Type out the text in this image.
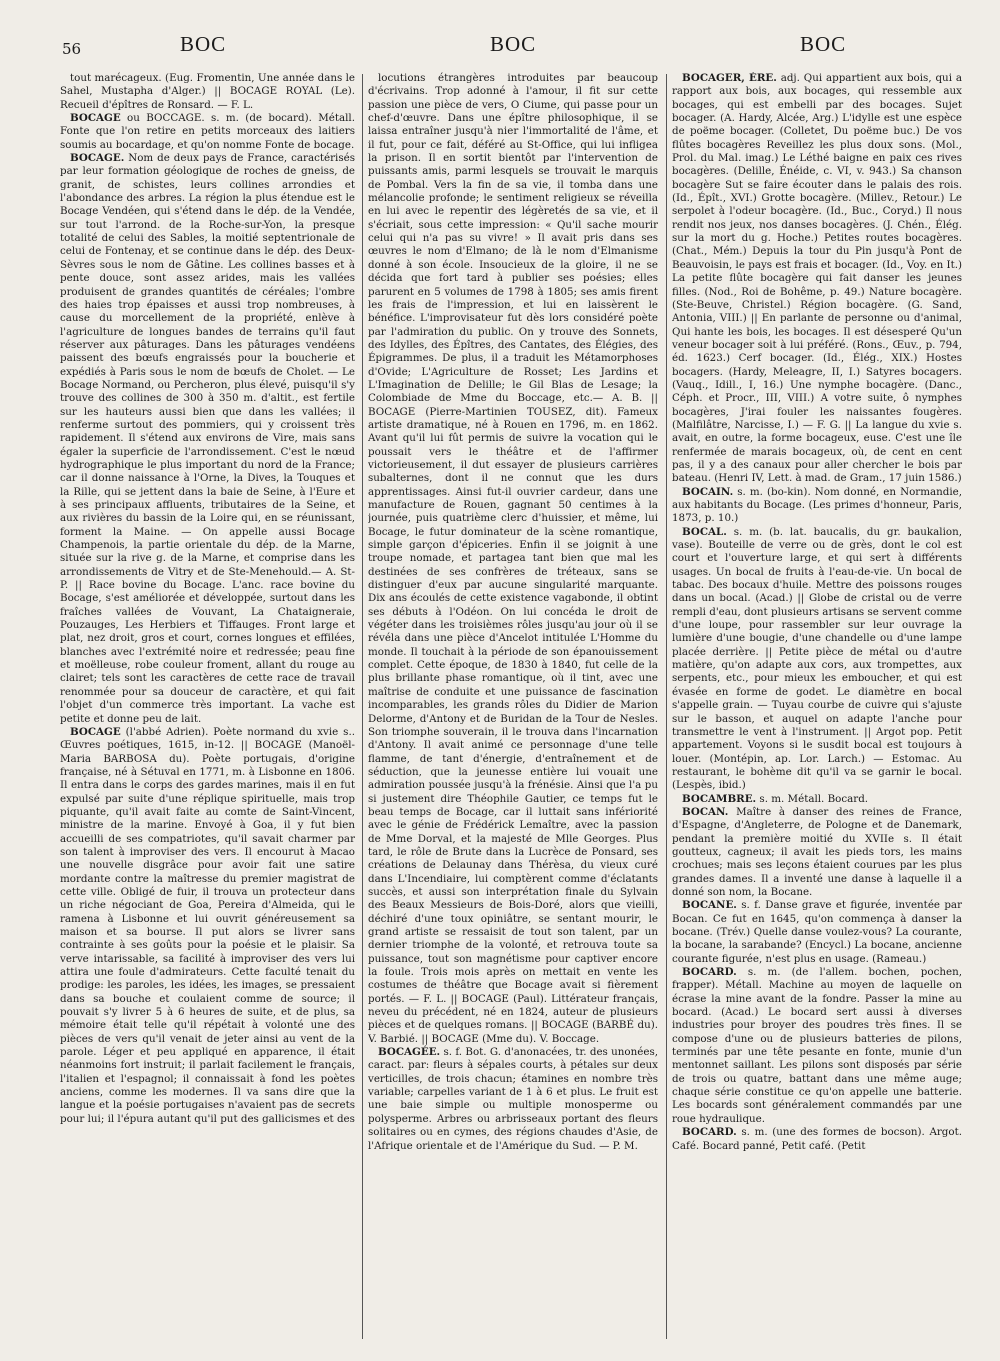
56	BOC	BOC	BOC

tout marécageux. (Eug. Fromentin, Une année dans le Sahel, Mustapha d'Alger.) || BOCAGE ROYAL (Le). Recueil d'épîtres de Ronsard. — F. L.

BOCAGE ou BOCCAGE. s. m. (de bocard). Métall. Fonte que l'on retire en petits morceaux des laitiers soumis au bocardage, et qu'on nomme Fonte de bocage.

BOCAGE. Nom de deux pays de France, caractérisés par leur formation géologique de roches de gneiss, de granit, de schistes, leurs collines arrondies et l'abondance des arbres. La région la plus étendue est le Bocage Vendéen, qui s'étend dans le dép. de la Vendée, sur tout l'arrond. de la Roche-sur-Yon, la presque totalité de celui des Sables, la moitié septentrionale de celui de Fontenay, et se continue dans le dép. des Deux-Sèvres sous le nom de Gâtine. Les collines basses et à pente douce, sont assez arides, mais les vallées produisent de grandes quantités de céréales; l'ombre des haies trop épaisses et aussi trop nombreuses, à cause du morcellement de la propriété, enlève à l'agriculture de longues bandes de terrains qu'il faut réserver aux pâturages. Dans les pâturages vendéens paissent des bœufs engraissés pour la boucherie et expédiés à Paris sous le nom de bœufs de Cholet. — Le Bocage Normand, ou Percheron, plus élevé, puisqu'il s'y trouve des collines de 300 à 350 m. d'altit., est fertile sur les hauteurs aussi bien que dans les vallées; il renferme surtout des pommiers, qui y croissent très rapidement. Il s'étend aux environs de Vire, mais sans égaler la superficie de l'arrondissement. C'est le nœud hydrographique le plus important du nord de la France; car il donne naissance à l'Orne, la Dives, la Touques et la Rille, qui se jettent dans la baie de Seine, à l'Eure et à ses principaux affluents, tributaires de la Seine, et aux rivières du bassin de la Loire qui, en se réunissant, forment la Maine. — On appelle aussi Bocage Champenois, la partie orientale du dép. de la Marne, située sur la rive g. de la Marne, et comprise dans les arrondissements de Vitry et de Ste-Menehould.— A. St-P. || Race bovine du Bocage. L'anc. race bovine du Bocage, s'est améliorée et développée, surtout dans les fraîches vallées de Vouvant, La Chataigneraie, Pouzauges, Les Herbiers et Tiffauges. Front large et plat, nez droit, gros et court, cornes longues et effilées, blanches avec l'extrémité noire et redressée; peau fine et moëlleuse, robe couleur froment, allant du rouge au clairet; tels sont les caractères de cette race de travail renommée pour sa douceur de caractère, et qui fait l'objet d'un commerce très important. La vache est petite et donne peu de lait.

BOCAGE (l'abbé Adrien). Poète normand du xvie s.. Œuvres poétiques, 1615, in-12. || BOCAGE (Manoël-Maria BARBOSA du). Poète portugais, d'origine française, né à Sétuval en 1771, m. à Lisbonne en 1806. Il entra dans le corps des gardes marines, mais il en fut expulsé par suite d'une réplique spirituelle, mais trop piquante, qu'il avait faite au comte de Saint-Vincent, ministre de la marine. Envoyé à Goa, il y fut bien accueilli de ses compatriotes, qu'il savait charmer par son talent à improviser des vers. Il encourut à Macao une nouvelle disgrâce pour avoir fait une satire mordante contre la maîtresse du premier magistrat de cette ville. Obligé de fuir, il trouva un protecteur dans un riche négociant de Goa, Pereira d'Almeida, qui le ramena à Lisbonne et lui ouvrit généreusement sa maison et sa bourse. Il put alors se livrer sans contrainte à ses goûts pour la poésie et le plaisir. Sa verve intarissable, sa facilité à improviser des vers lui attira une foule d'admirateurs. Cette faculté tenait du prodige: les paroles, les idées, les images, se pressaient dans sa bouche et coulaient comme de source; il pouvait s'y livrer 5 à 6 heures de suite, et de plus, sa mémoire était telle qu'il répétait à volonté une des pièces de vers qu'il venait de jeter ainsi au vent de la parole. Léger et peu appliqué en apparence, il était néanmoins fort instruit; il parlait facilement le français, l'italien et l'espagnol; il connaissait à fond les poètes anciens, comme les modernes. Il va sans dire que la langue et la poésie portugaises n'avaient pas de secrets pour lui; il l'épura autant qu'il put des gallicismes et des

locutions étrangères introduites par beaucoup d'écrivains. Trop adonné à l'amour, il fit sur cette passion une pièce de vers, O Ciume, qui passe pour un chef-d'œuvre. Dans une épître philosophique, il se laissa entraîner jusqu'à nier l'immortalité de l'âme, et il fut, pour ce fait, déféré au St-Office, qui lui infligea la prison. Il en sortit bientôt par l'intervention de puissants amis, parmi lesquels se trouvait le marquis de Pombal. Vers la fin de sa vie, il tomba dans une mélancolie profonde; le sentiment religieux se réveilla en lui avec le repentir des légèretés de sa vie, et il s'écriait, sous cette impression: « Qu'il sache mourir celui qui n'a pas su vivre! » Il avait pris dans ses œuvres le nom d'Elmano; de là le nom d'Elmanisme donné à son école. Insoucieux de la gloire, il ne se décida que fort tard à publier ses poésies; elles parurent en 5 volumes de 1798 à 1805; ses amis firent les frais de l'impression, et lui en laissèrent le bénéfice. L'improvisateur fut dès lors considéré poète par l'admiration du public. On y trouve des Sonnets, des Idylles, des Épîtres, des Cantates, des Élégies, des Épigrammes. De plus, il a traduit les Métamorphoses d'Ovide; L'Agriculture de Rosset; Les Jardins et L'Imagination de Delille; le Gil Blas de Lesage; la Colombiade de Mme du Boccage, etc.— A. B. || BOCAGE (Pierre-Martinien TOUSEZ, dit). Fameux artiste dramatique, né à Rouen en 1796, m. en 1862. Avant qu'il lui fût permis de suivre la vocation qui le poussait vers le théâtre et de l'affirmer victorieusement, il dut essayer de plusieurs carrières subalternes, dont il ne connut que les durs apprentissages. Ainsi fut-il ouvrier cardeur, dans une manufacture de Rouen, gagnant 50 centimes à la journée, puis quatrième clerc d'huissier, et même, lui Bocage, le futur dominateur de la scène romantique, simple garçon d'épiceries. Enfin il se joignit à une troupe nomade, et partagea tant bien que mal les destinées de ses confrères de tréteaux, sans se distinguer d'eux par aucune singularité marquante. Dix ans écoulés de cette existence vagabonde, il obtint ses débuts à l'Odéon. On lui concéda le droit de végéter dans les troisièmes rôles jusqu'au jour où il se révéla dans une pièce d'Ancelot intitulée L'Homme du monde. Il touchait à la période de son épanouissement complet. Cette époque, de 1830 à 1840, fut celle de la plus brillante phase romantique, où il tint, avec une maîtrise de conduite et une puissance de fascination incomparables, les grands rôles du Didier de Marion Delorme, d'Antony et de Buridan de la Tour de Nesles. Son triomphe souverain, il le trouva dans l'incarnation d'Antony. Il avait animé ce personnage d'une telle flamme, de tant d'énergie, d'entraînement et de séduction, que la jeunesse entière lui vouait une admiration poussée jusqu'à la frénésie. Ainsi que l'a pu si justement dire Théophile Gautier, ce temps fut le beau temps de Bocage, car il luttait sans infériorité avec le génie de Frédérick Lemaître, avec la passion de Mme Dorval, et la majesté de Mlle Georges. Plus tard, le rôle de Brute dans la Lucrèce de Ponsard, ses créations de Delaunay dans Thérèsa, du vieux curé dans L'Incendiaire, lui comptèrent comme d'éclatants succès, et aussi son interprétation finale du Sylvain des Beaux Messieurs de Bois-Doré, alors que vieilli, déchiré d'une toux opiniâtre, se sentant mourir, le grand artiste se ressaisit de tout son talent, par un dernier triomphe de la volonté, et retrouva toute sa puissance, tout son magnétisme pour captiver encore la foule. Trois mois après on mettait en vente les costumes de théâtre que Bocage avait si fièrement portés. — F. L. || BOCAGE (Paul). Littérateur français, neveu du précédent, né en 1824, auteur de plusieurs pièces et de quelques romans. || BOCAGE (BARBÉ du). V. Barbié. || BOCAGE (Mme du). V. Boccage.

BOCAGÉE. s. f. Bot. G. d'anonacées, tr. des unonées, caract. par: fleurs à sépales courts, à pétales sur deux verticilles, de trois chacun; étamines en nombre très variable; carpelles variant de 1 à 6 et plus. Le fruit est une baie simple ou multiple monosperme ou polysperme. Arbres ou arbrisseaux portant des fleurs solitaires ou en cymes, des régions chaudes d'Asie, de l'Afrique orientale et de l'Amérique du Sud. — P. M.

BOCAGER, ÈRE. adj. Qui appartient aux bois, qui a rapport aux bois, aux bocages, qui ressemble aux bocages, qui est embelli par des bocages. Sujet bocager. (A. Hardy, Alcée, Arg.) L'idylle est une espèce de poëme bocager. (Colletet, Du poëme buc.) De vos flûtes bocagères Reveillez les plus doux sons. (Mol., Prol. du Mal. imag.) Le Léthé baigne en paix ces rives bocagères. (Delille, Énéide, c. VI, v. 943.) Sa chanson bocagère Sut se faire écouter dans le palais des rois. (Id., Épît., XVI.) Grotte bocagère. (Millev., Retour.) Le serpolet à l'odeur bocagère. (Id., Buc., Coryd.) Il nous rendit nos jeux, nos danses bocagères. (J. Chén., Élég. sur la mort du g. Hoche.) Petites routes bocagères. (Chat., Mém.) Depuis la tour du Pin jusqu'à Pont de Beauvoisin, le pays est frais et bocager. (Id., Voy. en It.) La petite flûte bocagère qui fait danser les jeunes filles. (Nod., Roi de Bohême, p. 49.) Nature bocagère. (Ste-Beuve, Christel.) Région bocagère. (G. Sand, Antonia, VIII.) || En parlante de personne ou d'animal, Qui hante les bois, les bocages. Il est désesperé Qu'un veneur bocager soit à lui préféré. (Rons., Œuv., p. 794, éd. 1623.) Cerf bocager. (Id., Élég., XIX.) Hostes bocagers. (Hardy, Meleagre, II, I.) Satyres bocagers. (Vauq., Idill., I, 16.) Une nymphe bocagère. (Danc., Céph. et Procr., III, VIII.) A votre suite, ô nymphes bocagères, J'irai fouler les naissantes fougères. (Malfilâtre, Narcisse, I.) — F. G. || La langue du xvie s. avait, en outre, la forme bocageux, euse. C'est une île renfermée de marais bocageux, où, de cent en cent pas, il y a des canaux pour aller chercher le bois par bateau. (Henri IV, Lett. à mad. de Gram., 17 juin 1586.)

BOCAIN. s. m. (bo-kin). Nom donné, en Normandie, aux habitants du Bocage. (Les primes d'honneur, Paris, 1873, p. 10.)

BOCAL. s. m. (b. lat. baucalis, du gr. baukalion, vase). Bouteille de verre ou de grès, dont le col est court et l'ouverture large, et qui sert à différents usages. Un bocal de fruits à l'eau-de-vie. Un bocal de tabac. Des bocaux d'huile. Mettre des poissons rouges dans un bocal. (Acad.) || Globe de cristal ou de verre rempli d'eau, dont plusieurs artisans se servent comme d'une loupe, pour rassembler sur leur ouvrage la lumière d'une bougie, d'une chandelle ou d'une lampe placée derrière. || Petite pièce de métal ou d'autre matière, qu'on adapte aux cors, aux trompettes, aux serpents, etc., pour mieux les emboucher, et qui est évasée en forme de godet. Le diamètre en bocal s'appelle grain. — Tuyau courbe de cuivre qui s'ajuste sur le basson, et auquel on adapte l'anche pour transmettre le vent à l'instrument. || Argot pop. Petit appartement. Voyons si le susdit bocal est toujours à louer. (Montépin, ap. Lor. Larch.) — Estomac. Au restaurant, le bohème dit qu'il va se garnir le bocal. (Lespès, ibid.)

BOCAMBRE. s. m. Métall. Bocard.

BOCAN. Maître à danser des reines de France, d'Espagne, d'Angleterre, de Pologne et de Danemark, pendant la première moitié du XVIIe s. Il était goutteux, cagneux; il avait les pieds tors, les mains crochues; mais ses leçons étaient courues par les plus grandes dames. Il a inventé une danse à laquelle il a donné son nom, la Bocane.

BOCANE. s. f. Danse grave et figurée, inventée par Bocan. Ce fut en 1645, qu'on commença à danser la bocane. (Trév.) Quelle danse voulez-vous? La courante, la bocane, la sarabande? (Encycl.) La bocane, ancienne courante figurée, n'est plus en usage. (Rameau.)

BOCARD. s. m. (de l'allem. bochen, pochen, frapper). Métall. Machine au moyen de laquelle on écrase la mine avant de la fondre. Passer la mine au bocard. (Acad.) Le bocard sert aussi à diverses industries pour broyer des poudres très fines. Il se compose d'une ou de plusieurs batteries de pilons, terminés par une tête pesante en fonte, munie d'un mentonnet saillant. Les pilons sont disposés par série de trois ou quatre, battant dans une même auge; chaque série constitue ce qu'on appelle une batterie. Les bocards sont généralement commandés par une roue hydraulique.

BOCARD. s. m. (une des formes de bocson). Argot. Café. Bocard panné, Petit café. (Petit
